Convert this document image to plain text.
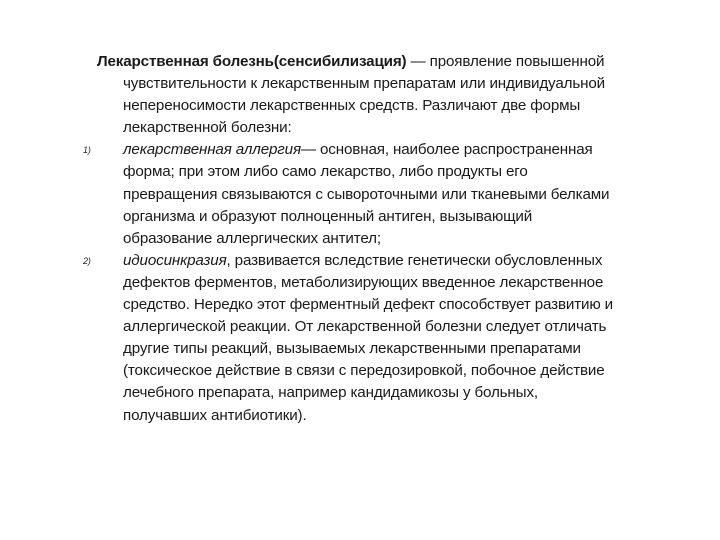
Лекарственная болезнь(сенсибилизация) — проявление повышенной чувствительности к лекарственным препаратам или индивидуальной непереносимости лекарственных средств. Различают две формы лекарственной болезни:

1) лекарственная аллергия— основная, наиболее распространенная форма; при этом либо само лекарство, либо продукты его превращения связываются с сывороточными или тканевыми белками организма и образуют полноценный антиген, вызывающий образование аллергических антител;

2) идиосинкразия, развивается вследствие генетически обусловленных дефектов ферментов, метаболизирующих введенное лекарственное средство. Нередко этот ферментный дефект способствует развитию и аллергической реакции. От лекарственной болезни следует отличать другие типы реакций, вызываемых лекарственными препаратами (токсическое действие в связи с передозировкой, побочное действие лечебного препарата, например кандидамикозы у больных, получавших антибиотики).
